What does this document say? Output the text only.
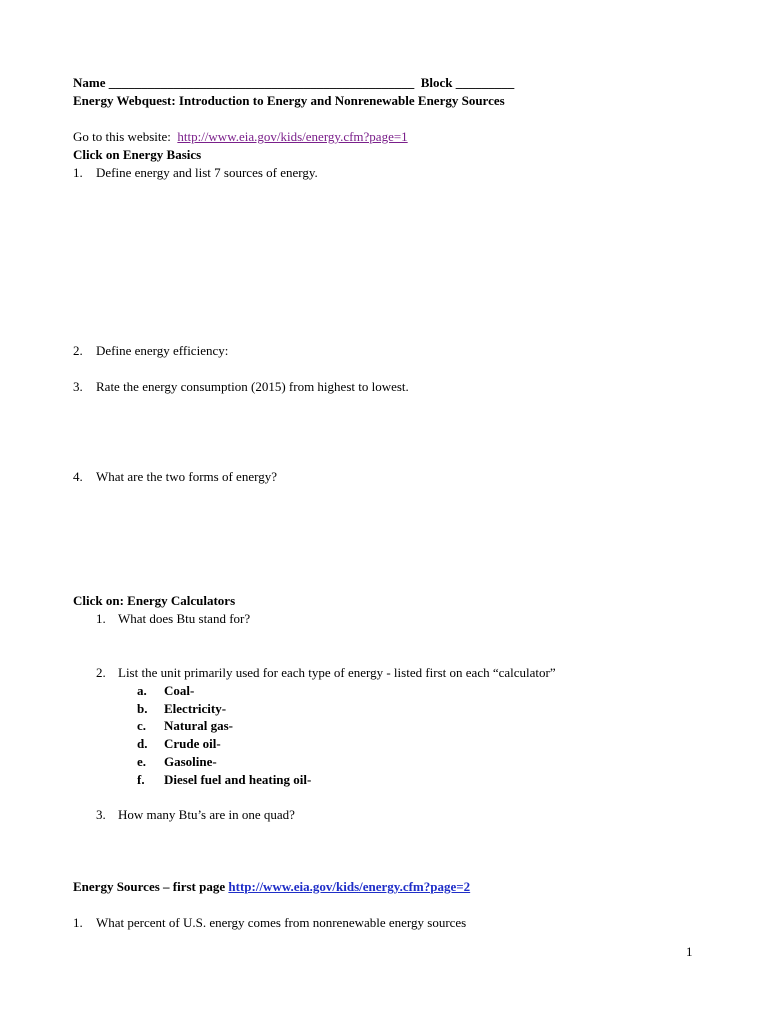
Name _______________________________________________ Block _________
Energy Webquest: Introduction to Energy and Nonrenewable Energy Sources
Go to this website: http://www.eia.gov/kids/energy.cfm?page=1
Click on Energy Basics
1. Define energy and list 7 sources of energy.
2. Define energy efficiency:
3. Rate the energy consumption (2015) from highest to lowest.
4. What are the two forms of energy?
Click on: Energy Calculators
1. What does Btu stand for?
2. List the unit primarily used for each type of energy - listed first on each “calculator”
a. Coal-
b. Electricity-
c. Natural gas-
d. Crude oil-
e. Gasoline-
f. Diesel fuel and heating oil-
3. How many Btu’s are in one quad?
Energy Sources – first page http://www.eia.gov/kids/energy.cfm?page=2
1. What percent of U.S. energy comes from nonrenewable energy sources
1
